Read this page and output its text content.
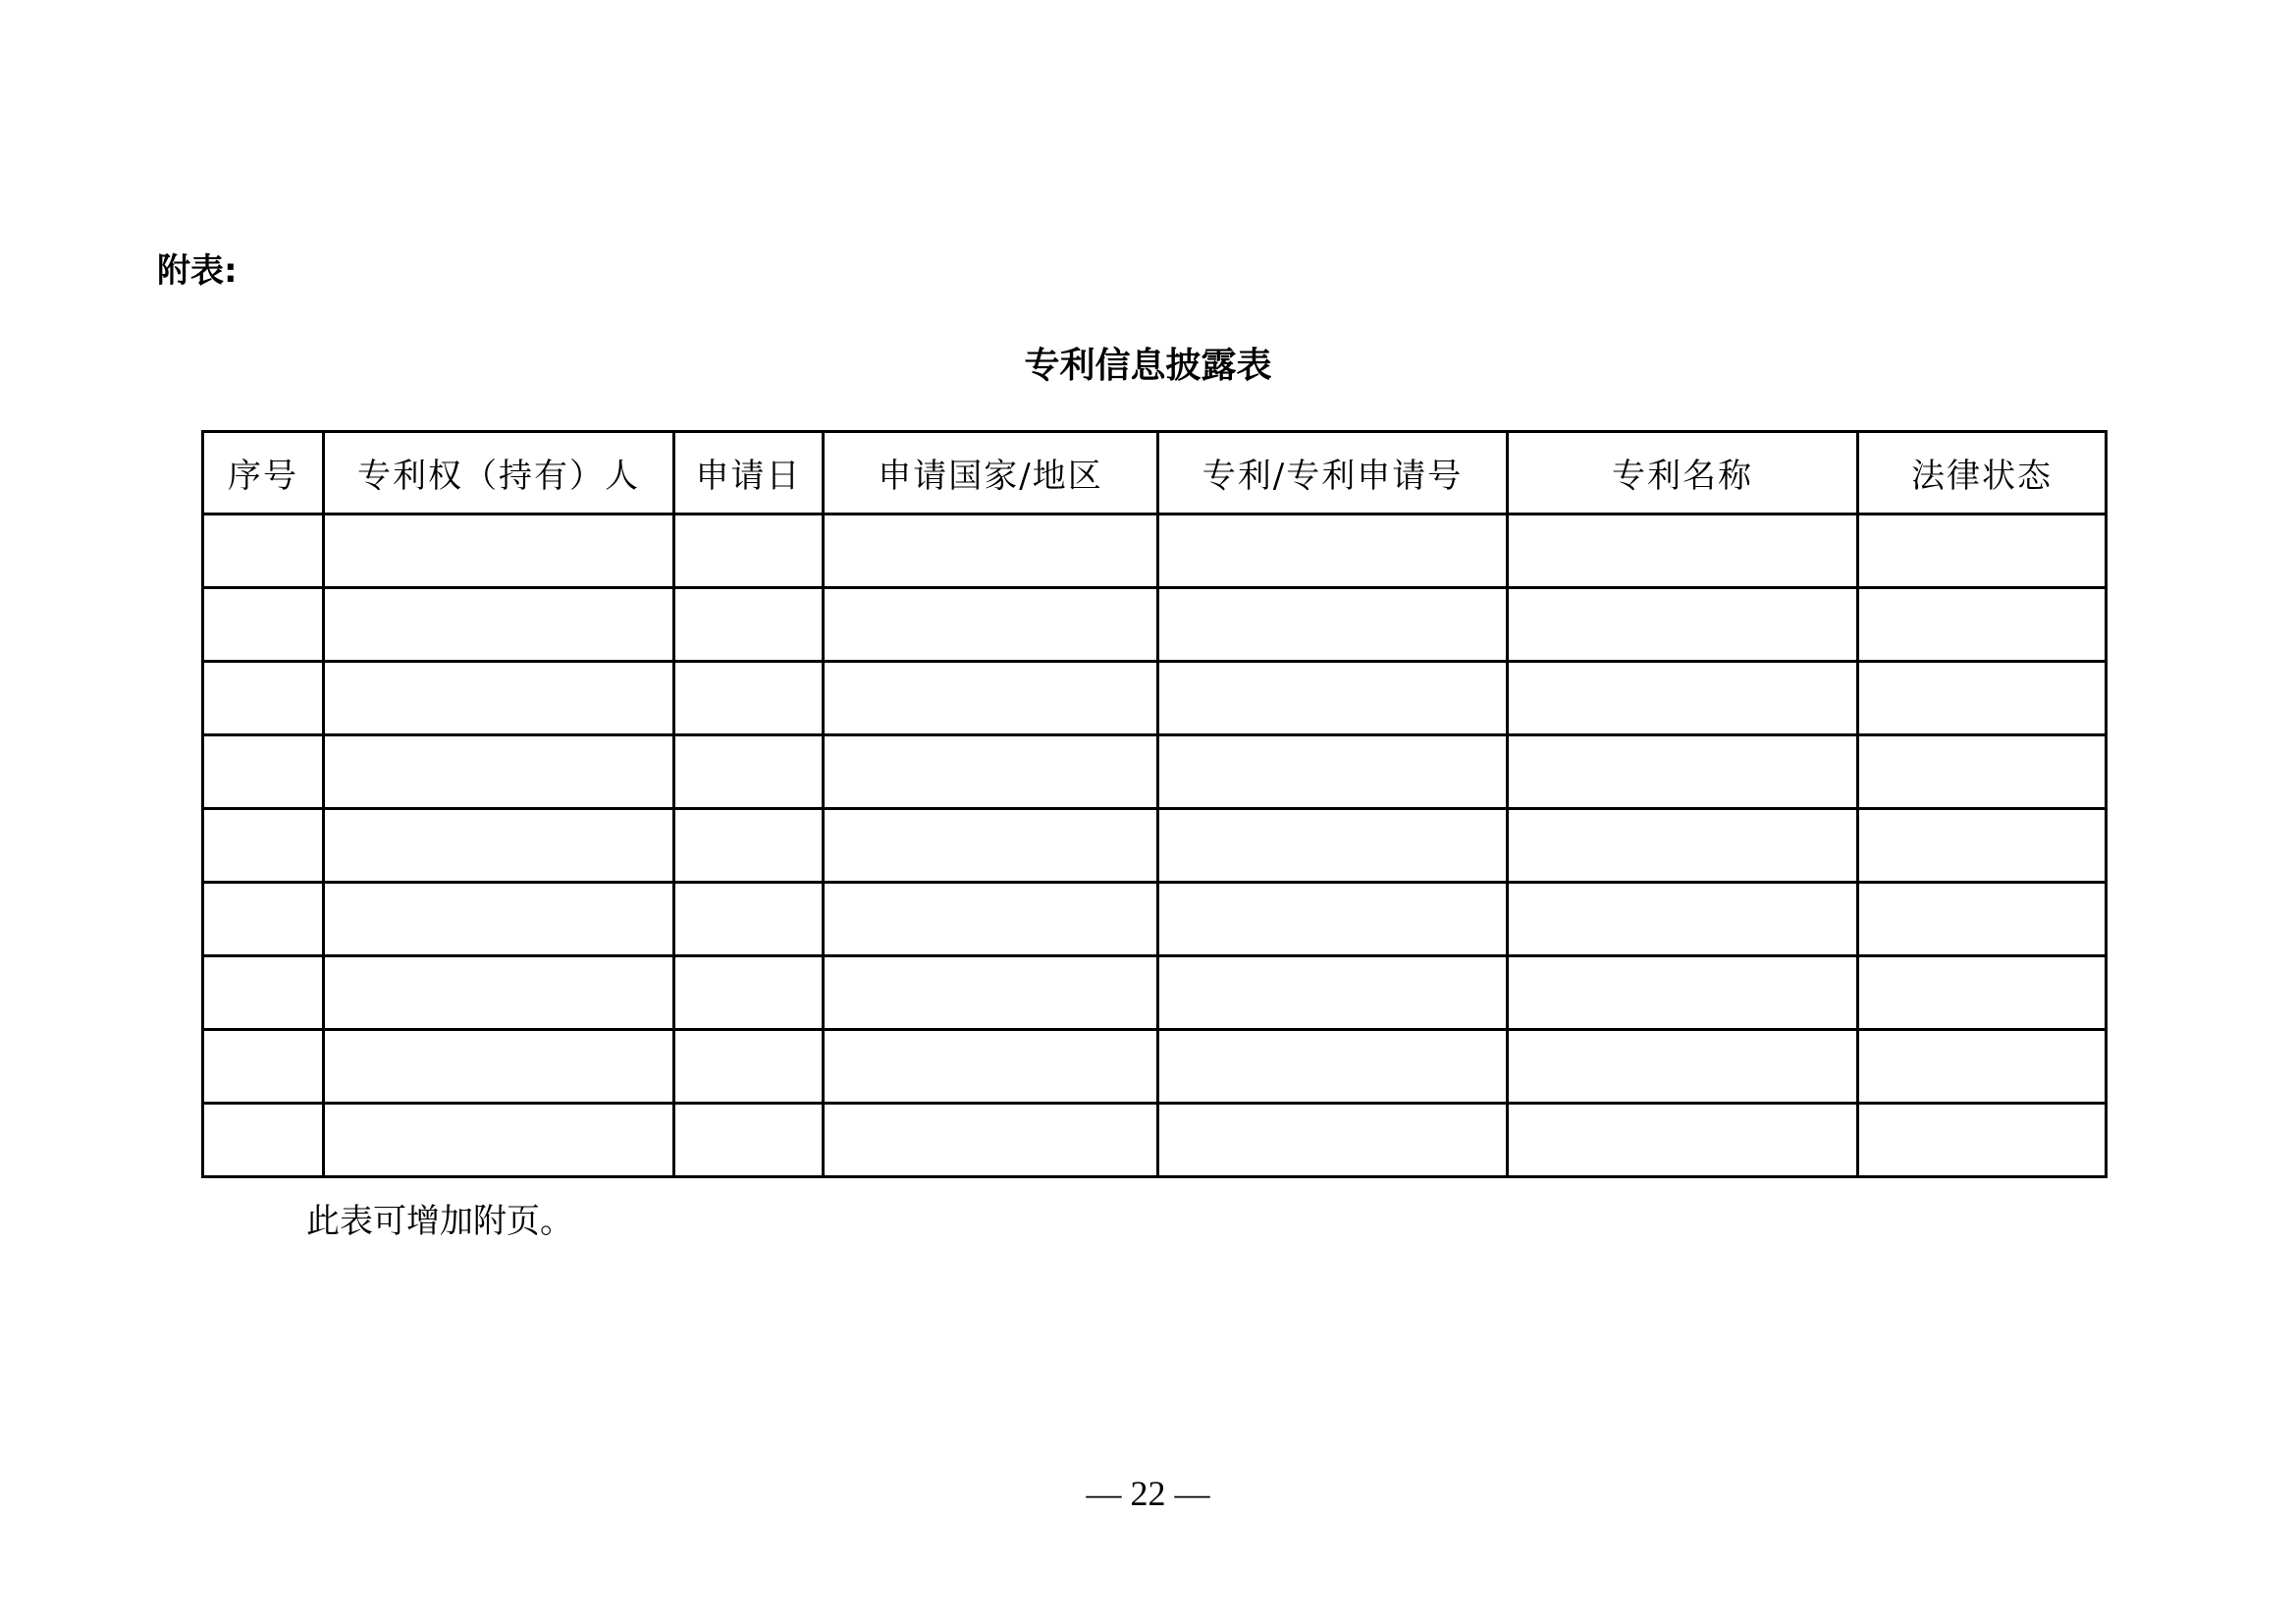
附表:
专利信息披露表
序号	专利权（持有）人	申请日	申请国家/地区	专利/专利申请号	专利名称	法律状态

此表可增加附页。
— 22 —
